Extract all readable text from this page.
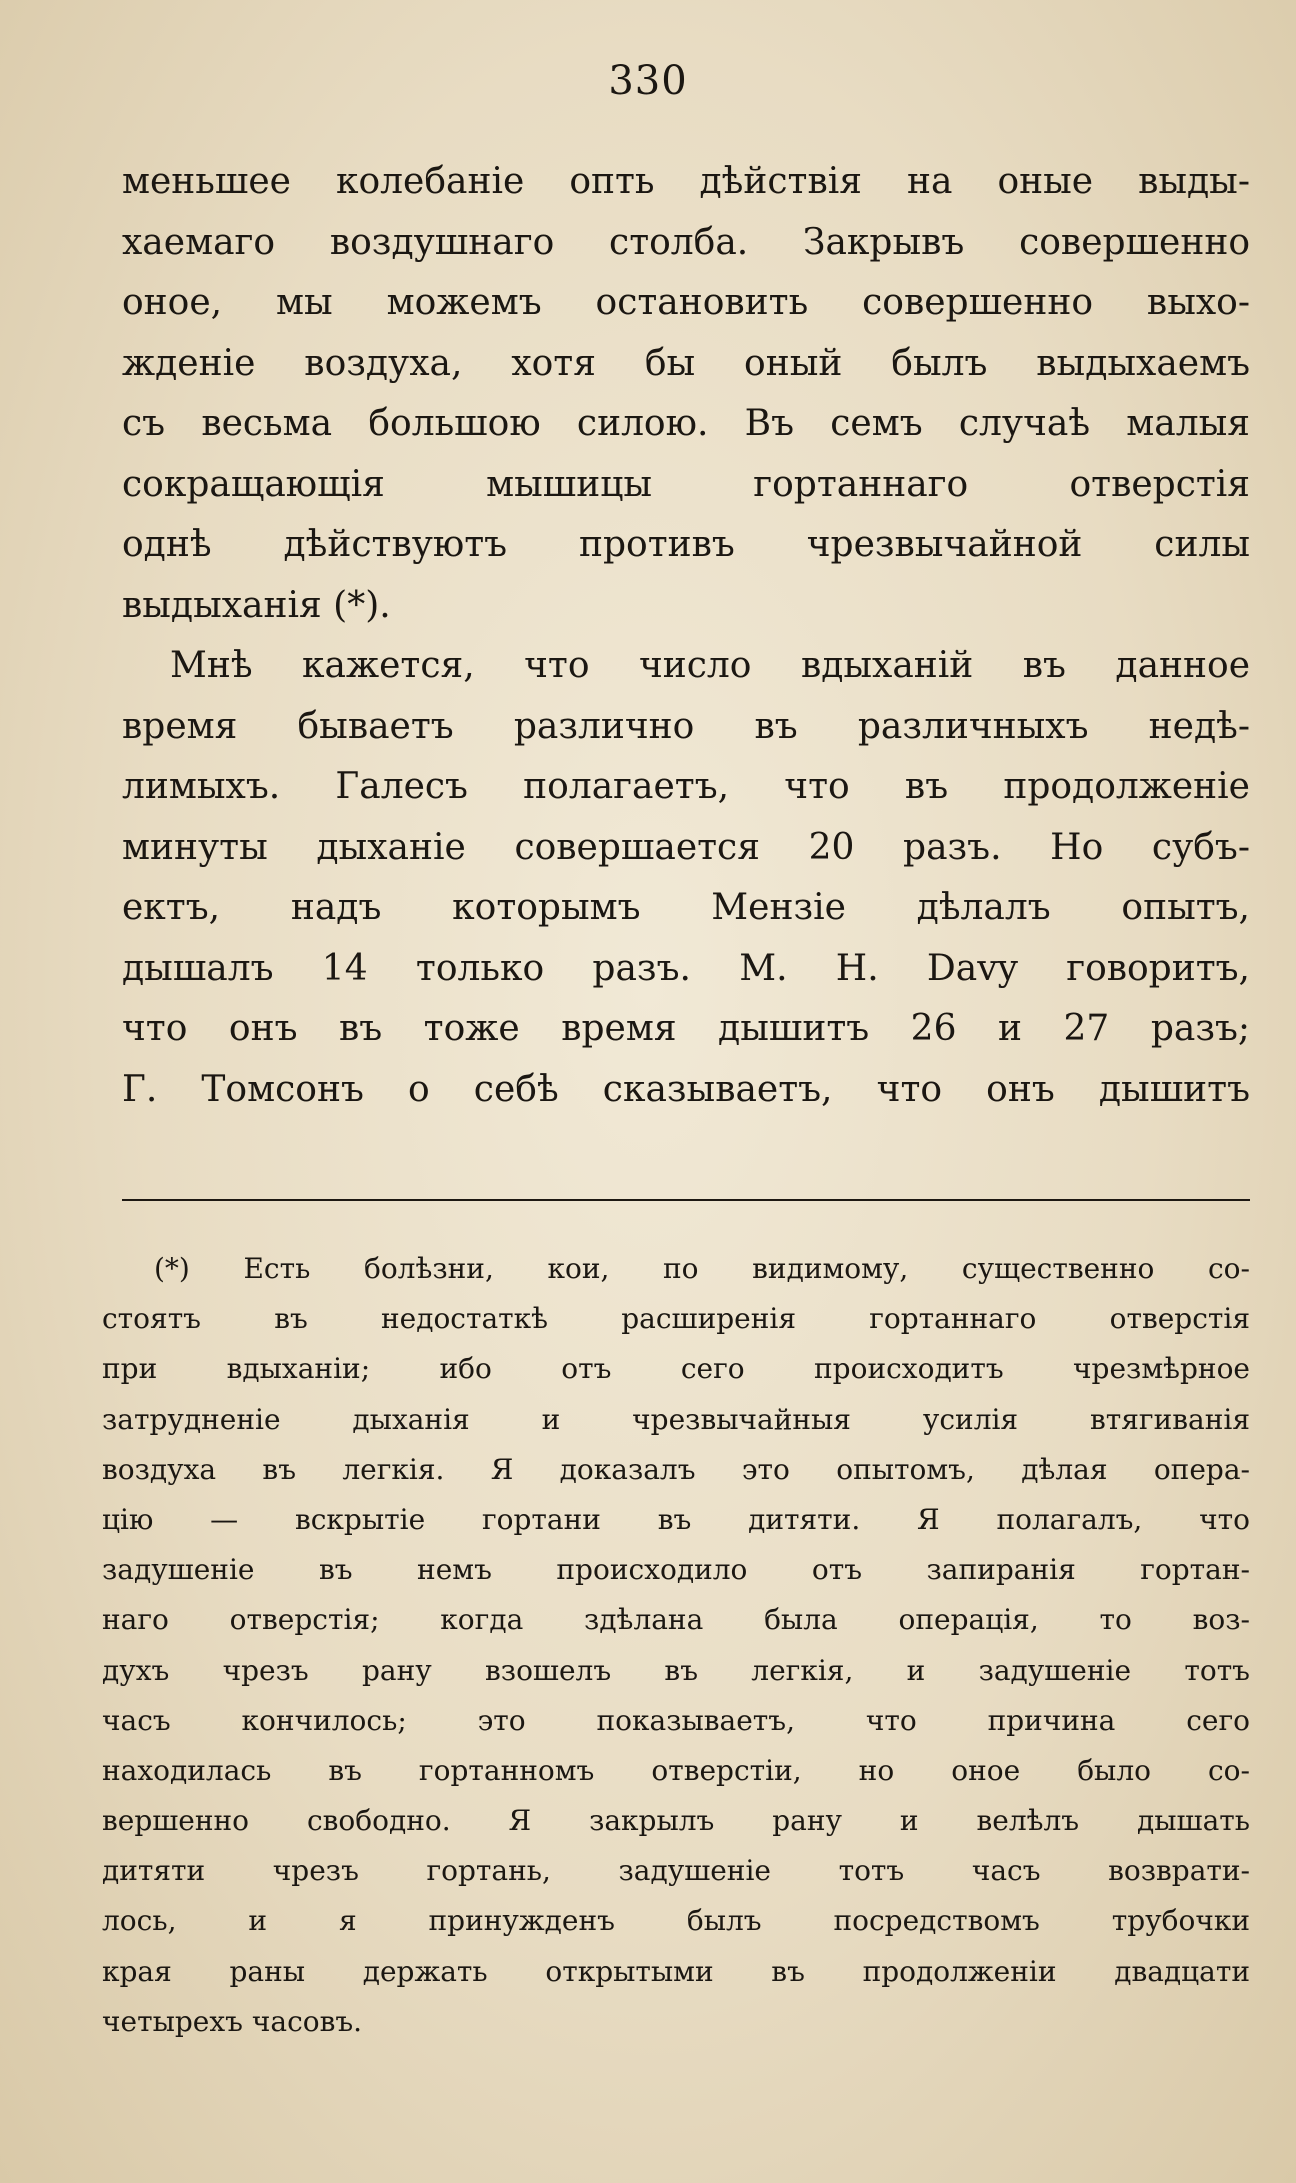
330
меньшее колебаніе опть дѣйствія на оные выды-
хаемаго воздушнаго столба. Закрывъ совершенно
оное, мы можемъ остановить совершенно выхо-
жденіе воздуха, хотя бы оный былъ выдыхаемъ
съ весьма большою силою. Въ семъ случаѣ малыя
сокращающія мышицы гортаннаго отверстія
однѣ дѣйствуютъ противъ чрезвычайной силы
выдыханія (*).
Мнѣ кажется, что число вдыханій въ данное
время бываетъ различно въ различныхъ недѣ-
лимыхъ. Галесъ полагаетъ, что въ продолженіе
минуты дыханіе совершается 20 разъ. Но субъ-
ектъ, надъ которымъ Мензіе дѣлалъ опытъ,
дышалъ 14 только разъ. М. Н. Davy говоритъ,
что онъ въ тоже время дышитъ 26 и 27 разъ;
Г. Томсонъ о себѣ сказываетъ, что онъ дышитъ
(*) Есть болѣзни, кои, по видимому, существенно со-
стоятъ въ недостаткѣ расширенія гортаннаго отверстія
при вдыханіи; ибо отъ сего происходитъ чрезмѣрное
затрудненіе дыханія и чрезвычайныя усилія втягиванія
воздуха въ легкія. Я доказалъ это опытомъ, дѣлая опера-
цію — вскрытіе гортани въ дитяти. Я полагалъ, что
задушеніе въ немъ происходило отъ запиранія гортан-
наго отверстія; когда здѣлана была операція, то воз-
духъ чрезъ рану взошелъ въ легкія, и задушеніе тотъ
часъ кончилось; это показываетъ, что причина сего
находилась въ гортанномъ отверстіи, но оное было со-
вершенно свободно. Я закрылъ рану и велѣлъ дышать
дитяти чрезъ гортань, задушеніе тотъ часъ возврати-
лось, и я принужденъ былъ посредствомъ трубочки
края раны держать открытыми въ продолженіи двадцати
четырехъ часовъ.
